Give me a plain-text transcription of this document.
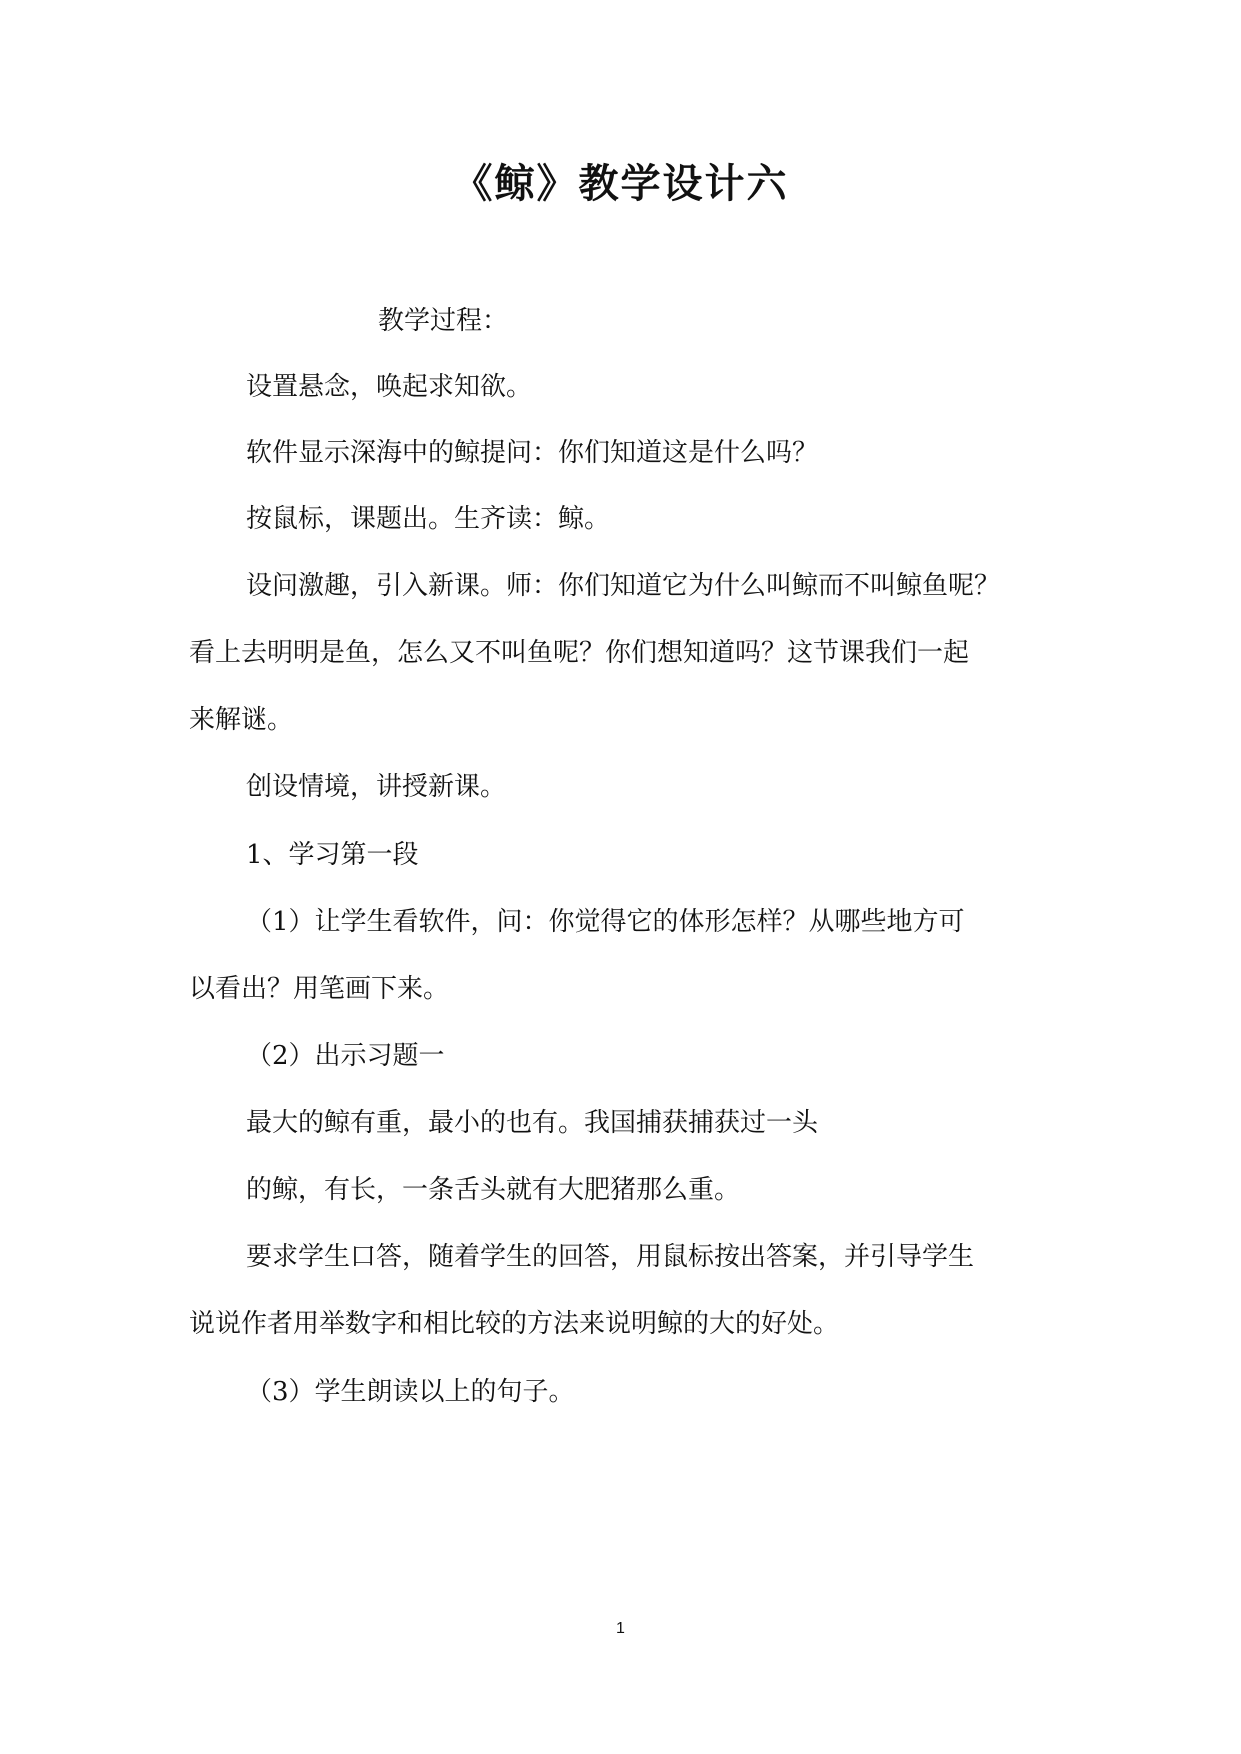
《鲸》教学设计六
教学过程：
设置悬念，唤起求知欲。
软件显示深海中的鲸提问：你们知道这是什么吗？
按鼠标，课题出。生齐读：鲸。
设问激趣，引入新课。师：你们知道它为什么叫鲸而不叫鲸鱼呢？
看上去明明是鱼，怎么又不叫鱼呢？你们想知道吗？这节课我们一起
来解谜。
创设情境，讲授新课。
1、学习第一段
（1）让学生看软件，问：你觉得它的体形怎样？从哪些地方可
以看出？用笔画下来。
（2）出示习题一
最大的鲸有重，最小的也有。我国捕获捕获过一头
的鲸，有长，一条舌头就有大肥猪那么重。
要求学生口答，随着学生的回答，用鼠标按出答案，并引导学生
说说作者用举数字和相比较的方法来说明鲸的大的好处。
（3）学生朗读以上的句子。
1
